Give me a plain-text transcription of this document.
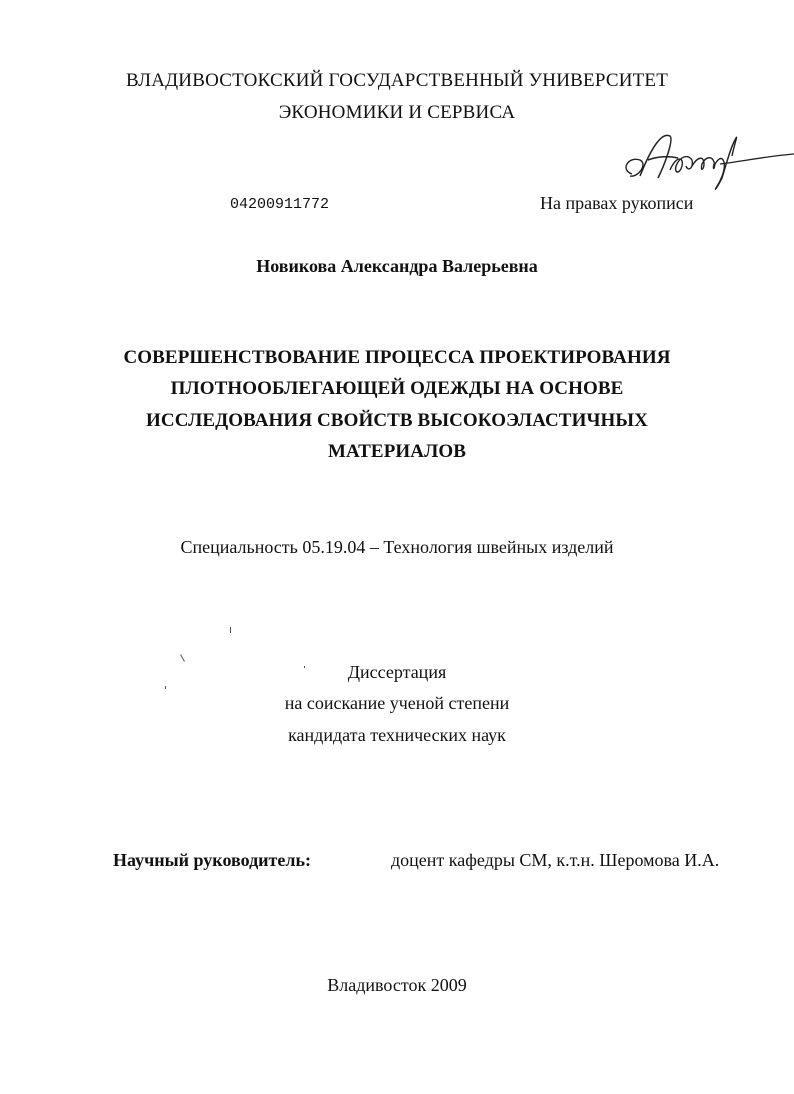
ВЛАДИВОСТОКСКИЙ ГОСУДАРСТВЕННЫЙ УНИВЕРСИТЕТ
ЭКОНОМИКИ И СЕРВИСА
04200911772	На правах рукописи
Новикова Александра Валерьевна
СОВЕРШЕНСТВОВАНИЕ ПРОЦЕССА ПРОЕКТИРОВАНИЯ
ПЛОТНООБЛЕГАЮЩЕЙ ОДЕЖДЫ НА ОСНОВЕ
ИССЛЕДОВАНИЯ СВОЙСТВ ВЫСОКОЭЛАСТИЧНЫХ
МАТЕРИАЛОВ
Специальность 05.19.04 – Технология швейных изделий
Диссертация
на соискание ученой степени
кандидата технических наук
Научный руководитель:	доцент кафедры СМ, к.т.н. Шеромова И.А.
Владивосток 2009
